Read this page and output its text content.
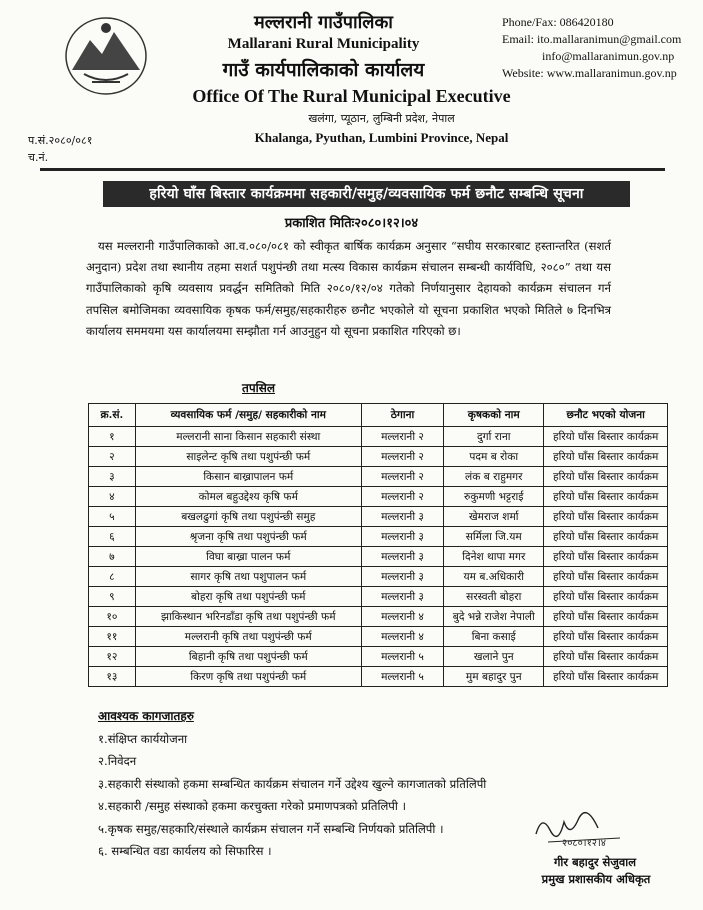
मल्लरानी गाउँपालिका
Mallarani Rural Municipality
गाउँ कार्यपालिकाको कार्यालय
Office Of The Rural Municipal Executive
खलंगा, प्यूठान, लुम्बिनी प्रदेश, नेपाल
Khalanga, Pyuthan, Lumbini Province, Nepal
Phone/Fax: 086420180
Email: ito.mallaranimun@gmail.com
info@mallaranimun.gov.np
Website: www.mallaranimun.gov.np
प.सं.२०८०/०८१
च.नं.
हरियो घाँस बिस्तार कार्यक्रममा सहकारी/समुह/व्यवसायिक फर्म छनौट सम्बन्धि सूचना
प्रकाशित मितिः२०८०।१२।०४
यस मल्लरानी गाउँपालिकाको आ.व.०८०/०८१ को स्वीकृत बार्षिक कार्यक्रम अनुसार “सघीय सरकारबाट हस्तान्तरित (सशर्त अनुदान) प्रदेश तथा स्थानीय तहमा सशर्त पशुपंन्छी तथा मत्स्य विकास कार्यक्रम संचालन सम्बन्धी कार्यविधि, २०८०” तथा यस गाउँपालिकाको कृषि व्यवसाय प्रवर्द्धन समितिको मिति २०८०/१२/०४ गतेको निर्णयानुसार देहायको कार्यक्रम संचालन गर्न तपसिल बमोजिमका व्यवसायिक कृषक फर्म/समुह/सहकारीहरु छनौट भएकोले यो सूचना प्रकाशित भएको मितिले ७ दिनभित्र कार्यालय सममयमा यस कार्यालयमा सम्झौता गर्न आउनुहुन यो सूचना प्रकाशित गरिएको छ।
तपसिल
क्र.सं.	व्यवसायिक फर्म /समुह/ सहकारीको नाम	ठेगाना	कृषकको नाम	छनौट भएको योजना
१	मल्लरानी साना किसान सहकारी संस्था	मल्लरानी २	दुर्गा राना	हरियो घाँस बिस्तार कार्यक्रम
२	साइलेन्ट कृषि तथा पशुपंन्छी फर्म	मल्लरानी २	पदम ब रोका	हरियो घाँस बिस्तार कार्यक्रम
३	किसान बाख्रापालन फर्म	मल्लरानी २	लंक ब राहुमगर	हरियो घाँस बिस्तार कार्यक्रम
४	कोमल बहुउद्देश्य कृषि फर्म	मल्लरानी २	रुकुमणी भट्टराई	हरियो घाँस बिस्तार कार्यक्रम
५	बखलढुगां कृषि तथा पशुपंन्छी समुह	मल्लरानी ३	खेमराज शर्मा	हरियो घाँस बिस्तार कार्यक्रम
६	श्रृजना कृषि तथा पशुपंन्छी फर्म	मल्लरानी ३	सर्मिला जि.यम	हरियो घाँस बिस्तार कार्यक्रम
७	विघा बाख्रा पालन फर्म	मल्लरानी ३	दिनेश थापा मगर	हरियो घाँस बिस्तार कार्यक्रम
८	सागर कृषि तथा पशुपालन फर्म	मल्लरानी ३	यम ब.अधिकारी	हरियो घाँस बिस्तार कार्यक्रम
९	बोहरा कृषि तथा पशुपंन्छी फर्म	मल्लरानी ३	सरस्वती बोहरा	हरियो घाँस बिस्तार कार्यक्रम
१०	झाकिस्थान भरिनडाँडा कृषि तथा पशुपंन्छी फर्म	मल्लरानी ४	बुदे भन्ने राजेश नेपाली	हरियो घाँस बिस्तार कार्यक्रम
११	मल्लरानी कृषि तथा पशुपंन्छी फर्म	मल्लरानी ४	बिना कसाई	हरियो घाँस बिस्तार कार्यक्रम
१२	बिहानी कृषि तथा पशुपंन्छी फर्म	मल्लरानी ५	खलाने पुन	हरियो घाँस बिस्तार कार्यक्रम
१३	किरण कृषि तथा पशुपंन्छी फर्म	मल्लरानी ५	मुम बहादुर पुन	हरियो घाँस बिस्तार कार्यक्रम
आवश्यक कागजातहरु
१.संक्षिप्त कार्ययोजना
२.निवेदन
३.सहकारी संस्थाको हकमा सम्बन्धित कार्यक्रम संचालन गर्ने उद्देश्य खुल्ने कागजातको प्रतिलिपी
४.सहकारी /समुह संस्थाको हकमा करचुक्ता गरेको प्रमाणपत्रको प्रतिलिपी ।
५.कृषक समुह/सहकारि/संस्थाले कार्यक्रम संचालन गर्ने सम्बन्धि निर्णयको प्रतिलिपी ।
६. सम्बन्धित वडा कार्यलय को सिफारिस ।
२०८०।१२।४
गीर बहादुर सेजुवाल
प्रमुख प्रशासकीय अधिकृत
